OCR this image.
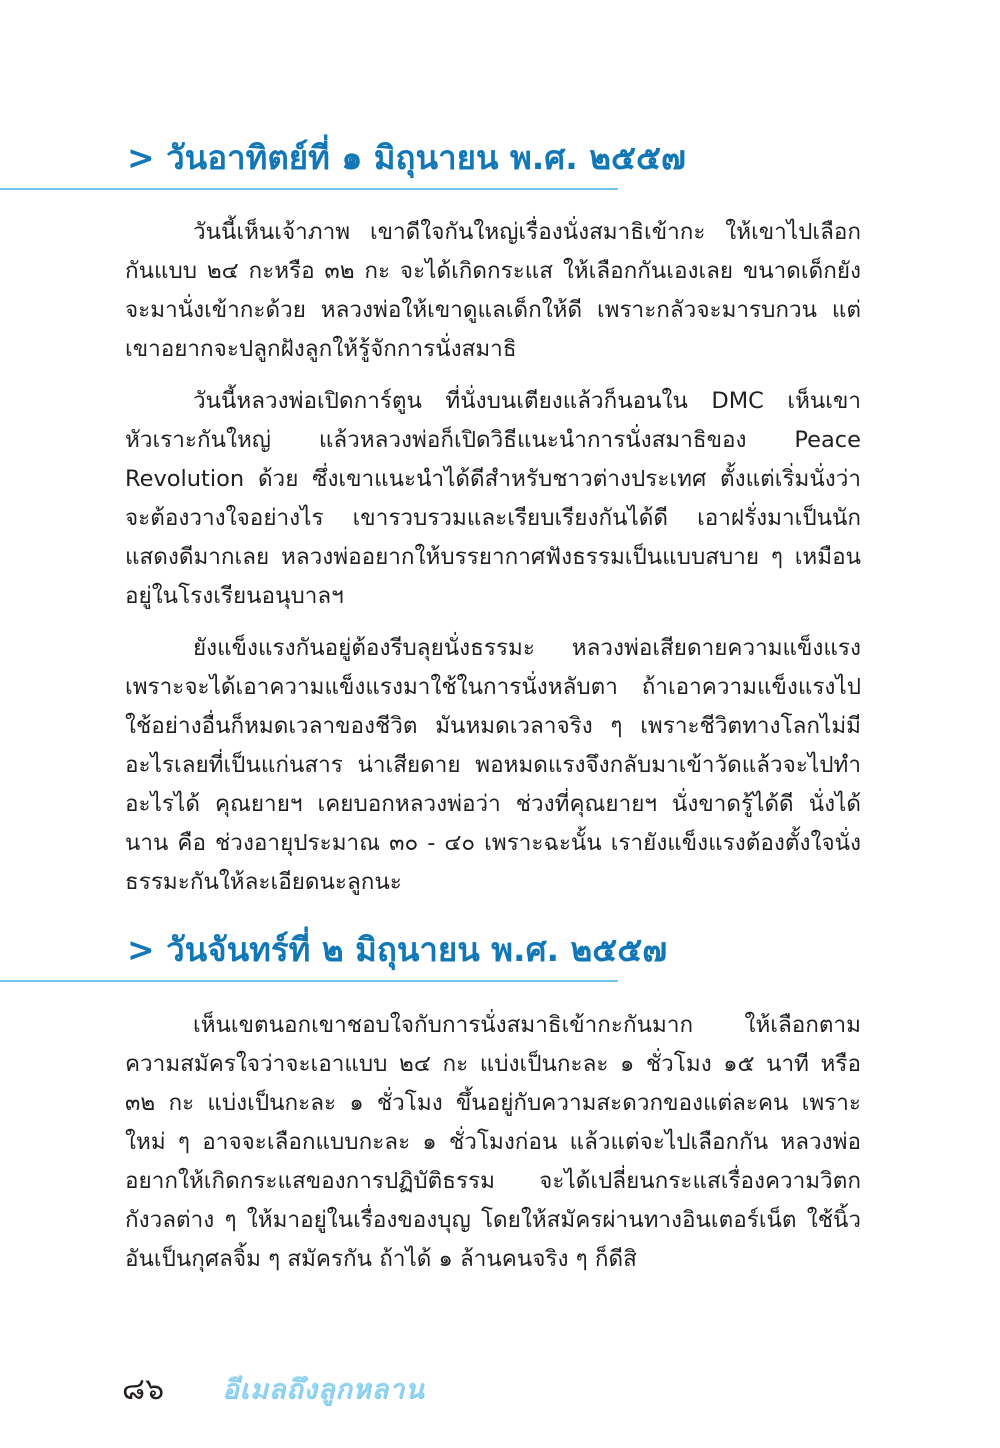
> วันอาทิตย์ที่ ๑ มิถุนายน พ.ศ. ๒๕๕๗

วันนี้เห็นเจ้าภาพ เขาดีใจกันใหญ่เรื่องนั่งสมาธิเข้ากะ ให้เขาไปเลือกกันแบบ ๒๔ กะหรือ ๓๒ กะ จะได้เกิดกระแส ให้เลือกกันเองเลย ขนาดเด็กยังจะมานั่งเข้ากะด้วย หลวงพ่อให้เขาดูแลเด็กให้ดี เพราะกลัวจะมารบกวน แต่เขาอยากจะปลูกฝังลูกให้รู้จักการนั่งสมาธิ

วันนี้หลวงพ่อเปิดการ์ตูน ที่นั่งบนเตียงแล้วก็นอนใน DMC เห็นเขาหัวเราะกันใหญ่ แล้วหลวงพ่อก็เปิดวิธีแนะนำการนั่งสมาธิของ Peace Revolution ด้วย ซึ่งเขาแนะนำได้ดีสำหรับชาวต่างประเทศ ตั้งแต่เริ่มนั่งว่าจะต้องวางใจอย่างไร เขารวบรวมและเรียบเรียงกันได้ดี เอาฝรั่งมาเป็นนักแสดงดีมากเลย หลวงพ่ออยากให้บรรยากาศฟังธรรมเป็นแบบสบาย ๆ เหมือนอยู่ในโรงเรียนอนุบาลฯ

ยังแข็งแรงกันอยู่ต้องรีบลุยนั่งธรรมะ หลวงพ่อเสียดายความแข็งแรง เพราะจะได้เอาความแข็งแรงมาใช้ในการนั่งหลับตา ถ้าเอาความแข็งแรงไปใช้อย่างอื่นก็หมดเวลาของชีวิต มันหมดเวลาจริง ๆ เพราะชีวิตทางโลกไม่มีอะไรเลยที่เป็นแก่นสาร น่าเสียดาย พอหมดแรงจึงกลับมาเข้าวัดแล้วจะไปทำอะไรได้ คุณยายฯ เคยบอกหลวงพ่อว่า ช่วงที่คุณยายฯ นั่งขาดรู้ได้ดี นั่งได้นาน คือ ช่วงอายุประมาณ ๓๐ - ๔๐ เพราะฉะนั้น เรายังแข็งแรงต้องตั้งใจนั่งธรรมะกันให้ละเอียดนะลูกนะ

> วันจันทร์ที่ ๒ มิถุนายน พ.ศ. ๒๕๕๗

เห็นเขตนอกเขาชอบใจกับการนั่งสมาธิเข้ากะกันมาก ให้เลือกตามความสมัครใจว่าจะเอาแบบ ๒๔ กะ แบ่งเป็นกะละ ๑ ชั่วโมง ๑๕ นาที หรือ ๓๒ กะ แบ่งเป็นกะละ ๑ ชั่วโมง ขึ้นอยู่กับความสะดวกของแต่ละคน เพราะใหม่ ๆ อาจจะเลือกแบบกะละ ๑ ชั่วโมงก่อน แล้วแต่จะไปเลือกกัน หลวงพ่ออยากให้เกิดกระแสของการปฏิบัติธรรม จะได้เปลี่ยนกระแสเรื่องความวิตกกังวลต่าง ๆ ให้มาอยู่ในเรื่องของบุญ โดยให้สมัครผ่านทางอินเตอร์เน็ต ใช้นิ้วอันเป็นกุศลจิ้ม ๆ สมัครกัน ถ้าได้ ๑ ล้านคนจริง ๆ ก็ดีสิ

๘๖ อีเมลถึงลูกหลาน
